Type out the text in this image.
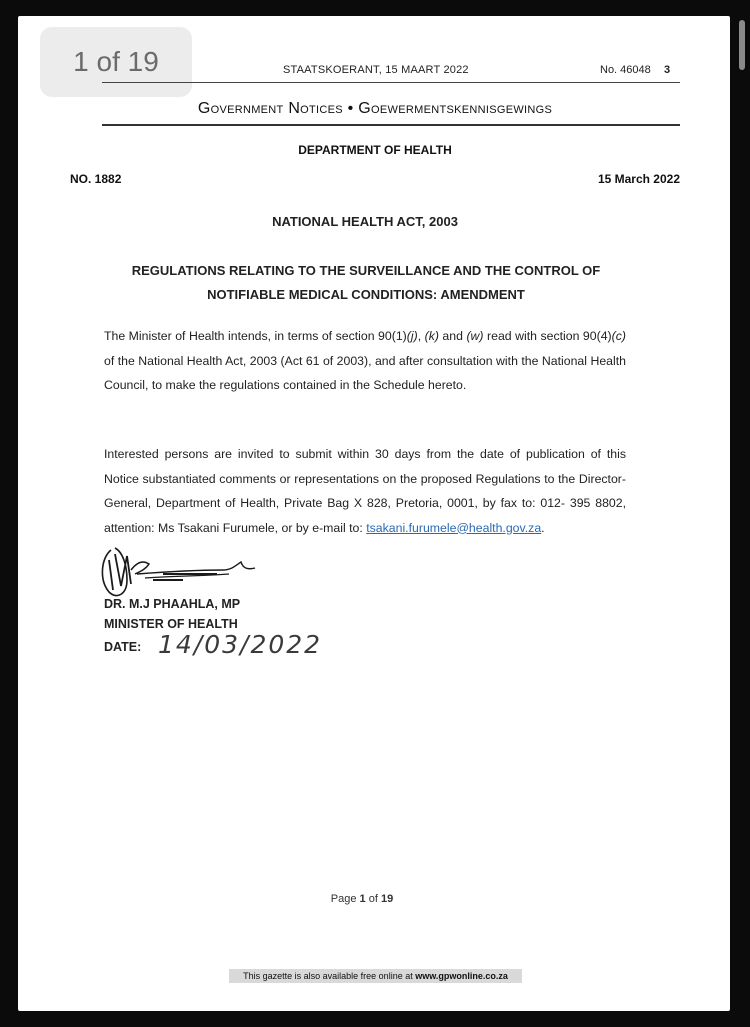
1 of 19	STAATSKOERANT, 15 MAART 2022	No. 46048 3
Government Notices • Goewermentskennisgewings
DEPARTMENT OF HEALTH
NO. 1882	15 March 2022
NATIONAL HEALTH ACT, 2003
REGULATIONS RELATING TO THE SURVEILLANCE AND THE CONTROL OF
NOTIFIABLE MEDICAL CONDITIONS: AMENDMENT
The Minister of Health intends, in terms of section 90(1)(j), (k) and (w) read with section 90(4)(c) of the National Health Act, 2003 (Act 61 of 2003), and after consultation with the National Health Council, to make the regulations contained in the Schedule hereto.
Interested persons are invited to submit within 30 days from the date of publication of this Notice substantiated comments or representations on the proposed Regulations to the Director-General, Department of Health, Private Bag X 828, Pretoria, 0001, by fax to: 012- 395 8802, attention: Ms Tsakani Furumele, or by e-mail to: tsakani.furumele@health.gov.za.
DR. M.J PHAAHLA, MP
MINISTER OF HEALTH
DATE: 14/03/2022
Page 1 of 19
This gazette is also available free online at www.gpwonline.co.za
